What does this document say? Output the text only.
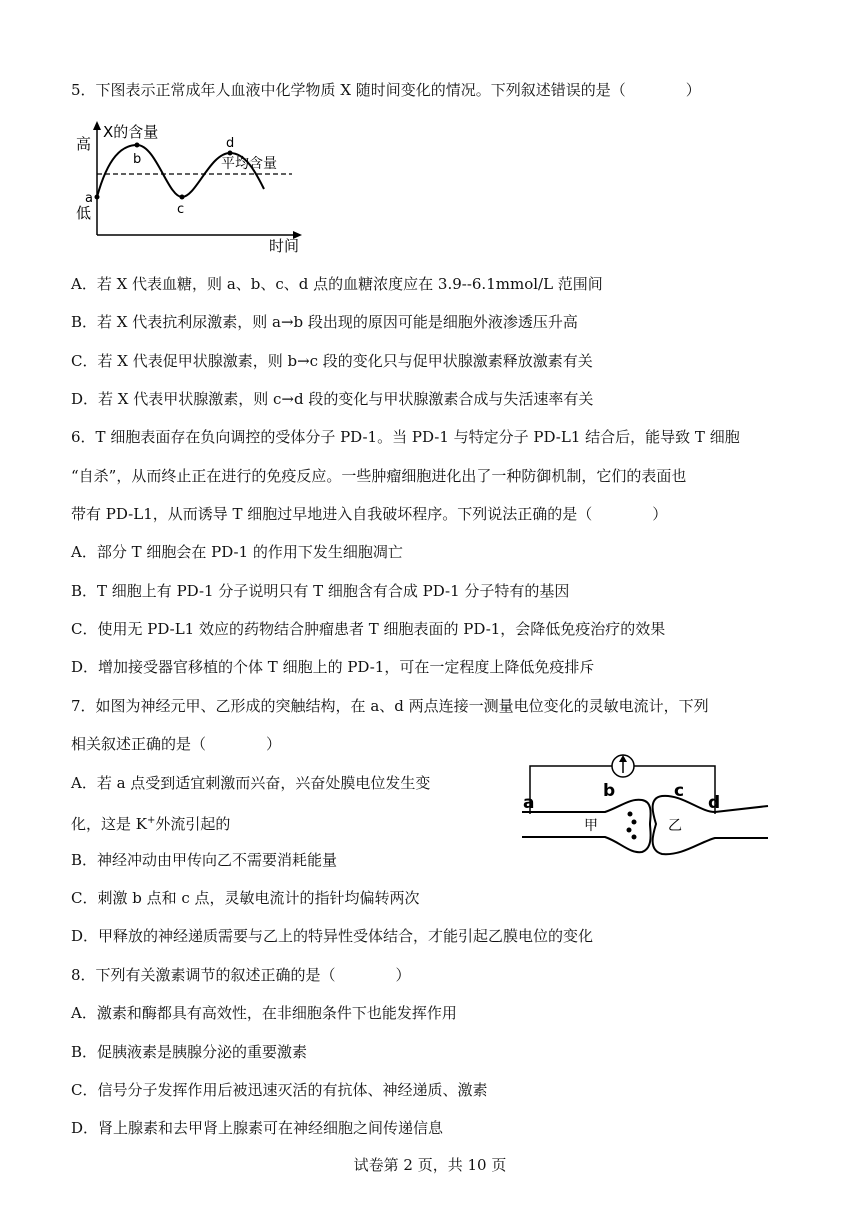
5．下图表示正常成年人血液中化学物质 X 随时间变化的情况。下列叙述错误的是（　　　　）
X的含量
高
低
平均含量
时间
a
b
c
d
A．若 X 代表血糖，则 a、b、c、d 点的血糖浓度应在 3.9--6.1mmol/L 范围间
B．若 X 代表抗利尿激素，则 a→b 段出现的原因可能是细胞外液渗透压升高
C．若 X 代表促甲状腺激素，则 b→c 段的变化只与促甲状腺激素释放激素有关
D．若 X 代表甲状腺激素，则 c→d 段的变化与甲状腺激素合成与失活速率有关
6．T 细胞表面存在负向调控的受体分子 PD-1。当 PD-1 与特定分子 PD-L1 结合后，能导致 T 细胞
“自杀”，从而终止正在进行的免疫反应。一些肿瘤细胞进化出了一种防御机制，它们的表面也
带有 PD-L1，从而诱导 T 细胞过早地进入自我破坏程序。下列说法正确的是（　　　　）
A．部分 T 细胞会在 PD-1 的作用下发生细胞凋亡
B．T 细胞上有 PD-1 分子说明只有 T 细胞含有合成 PD-1 分子特有的基因
C．使用无 PD-L1 效应的药物结合肿瘤患者 T 细胞表面的 PD-1，会降低免疫治疗的效果
D．增加接受器官移植的个体 T 细胞上的 PD-1，可在一定程度上降低免疫排斥
7．如图为神经元甲、乙形成的突触结构，在 a、d 两点连接一测量电位变化的灵敏电流计，下列
相关叙述正确的是（　　　　）
A．若 a 点受到适宜刺激而兴奋，兴奋处膜电位发生变
化，这是 K+外流引起的
a
b	c
d
甲	乙
B．神经冲动由甲传向乙不需要消耗能量
C．刺激 b 点和 c 点，灵敏电流计的指针均偏转两次
D．甲释放的神经递质需要与乙上的特异性受体结合，才能引起乙膜电位的变化
8．下列有关激素调节的叙述正确的是（　　　　）
A．激素和酶都具有高效性，在非细胞条件下也能发挥作用
B．促胰液素是胰腺分泌的重要激素
C．信号分子发挥作用后被迅速灭活的有抗体、神经递质、激素
D．肾上腺素和去甲肾上腺素可在神经细胞之间传递信息
试卷第 2 页，共 10 页
